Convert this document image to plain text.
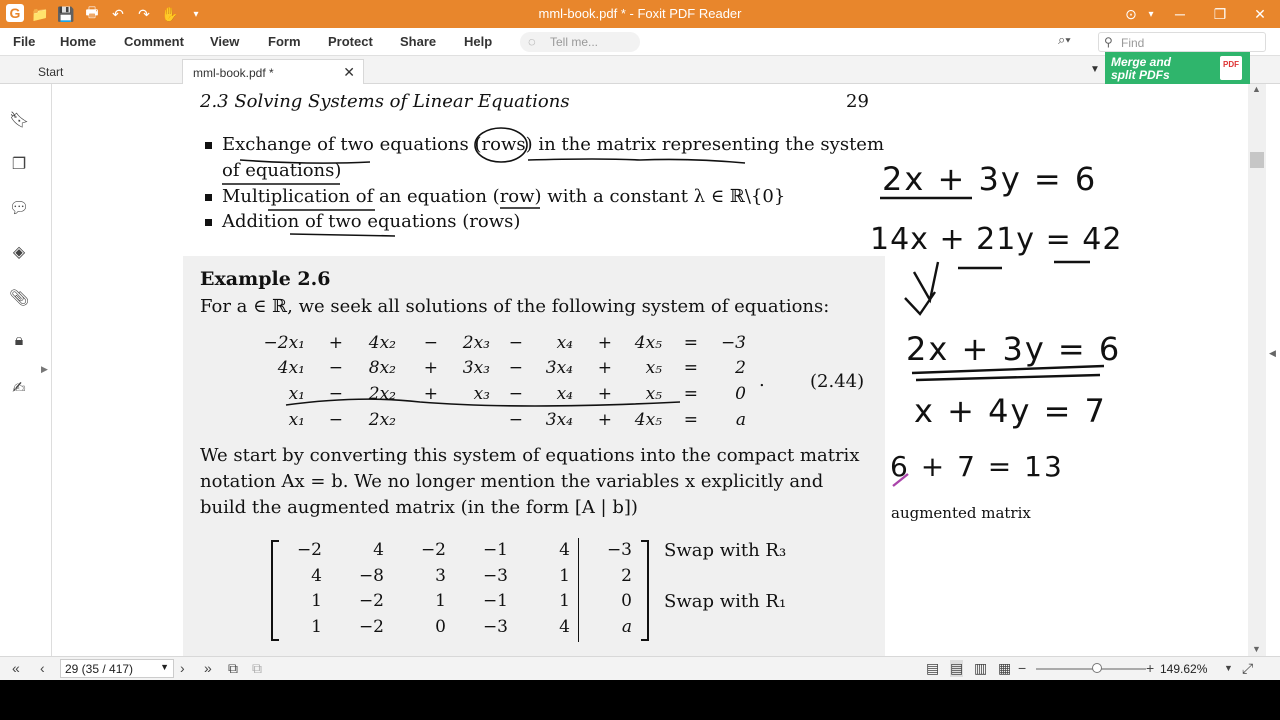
G 📁 💾 🖶 ↶ ↷ ✋	▾	mml-book.pdf * - Foxit PDF Reader	⊙	▾	─	❐	✕
File Home Comment View Form Protect Share Help	◌ Tell me...	⌕▾	⚲ Find
Start	mml-book.pdf *	✕	▼
Merge and
split PDFs
PDF
🔖︎
❐
💬︎
◈
📎︎
🔒︎
✍︎
▶
2.3 Solving Systems of Linear Equations	29
Exchange of two equations (rows) in the matrix representing the system
of equations)
Multiplication of an equation (row) with a constant λ ∈ ℝ\{0}
Addition of two equations (rows)
Example 2.6
For a ∈ ℝ, we seek all solutions of the following system of equations:
−2x₁ +	4x₂ −	2x₃ −	x₄ +	4x₅ = −3
4x₁ −	8x₂ +	3x₃ −	3x₄ +	x₅ =	2
x₁ −	2x₂ +	x₃ −	x₄ +	x₅ =	0
x₁ −	2x₂	−	3x₄ +	4x₅ =	a
.	(2.44)
We start by converting this system of equations into the compact matrix
notation Ax = b. We no longer mention the variables x explicitly and
build the augmented matrix (in the form [A | b])
−2	4	−2	−1	4	−3
4	−8	3	−3	1	2
1	−2	1	−1	1	0
1	−2	0	−3	4	a
Swap with R₃
Swap with R₁
2x + 3y = 6
14x + 21y = 42
2x + 3y = 6
x + 4y = 7
6 + 7 = 13
augmented matrix
▲
▼
◀
« ‹	29 (35 / 417)	▼ › » ⧉ ⧉	▤ ▤ ▥ ▦ −	+ 149.62% ▼ ⤢
